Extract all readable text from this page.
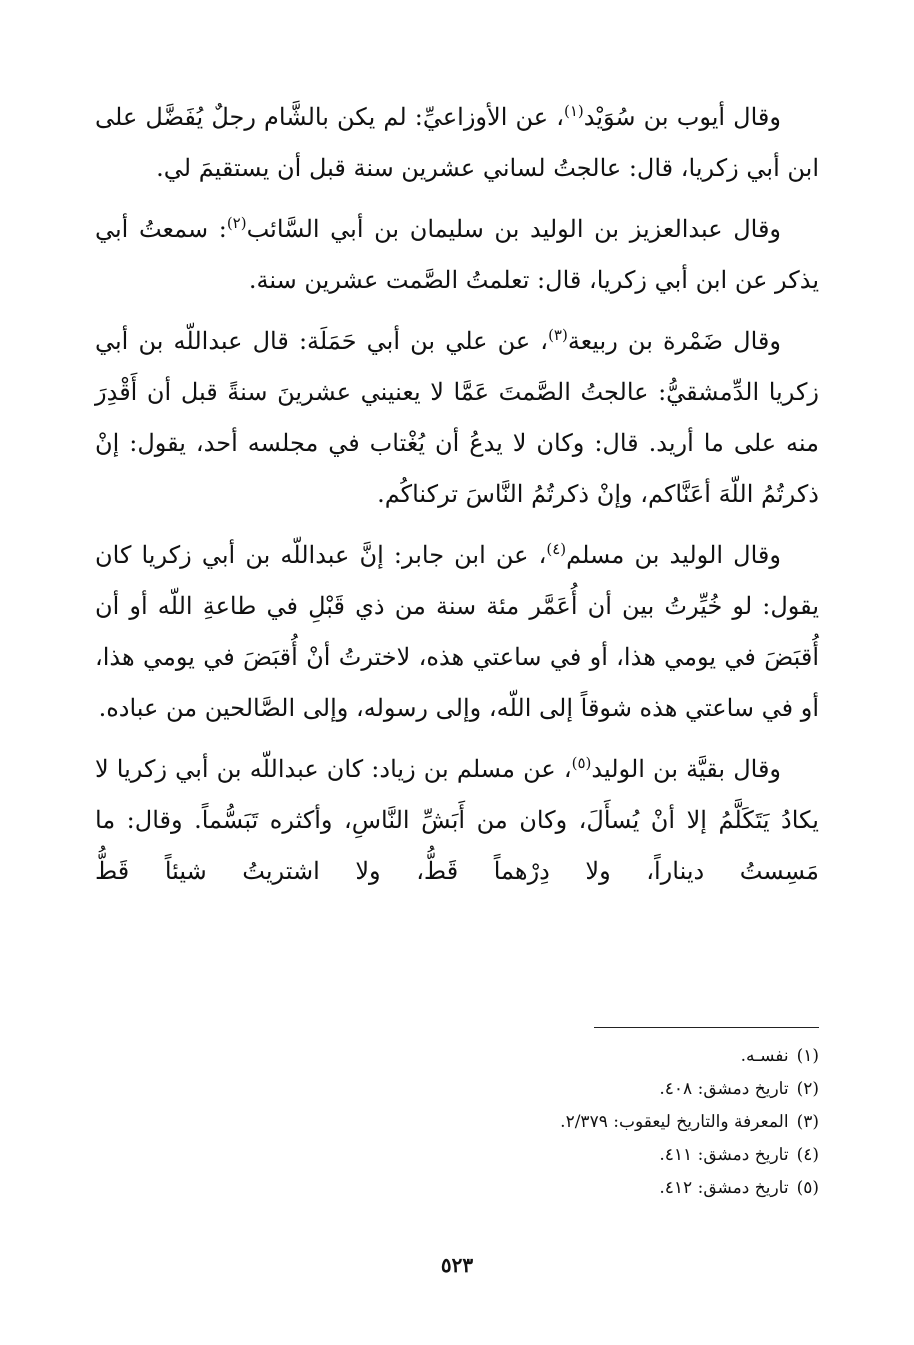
وقال أيوب بن سُوَيْد$^{(١)}$، عن الأوزاعيِّ: لم يكن بالشَّام رجلٌ يُفَضَّل على ابن أبي زكريا، قال: عالجتُ لساني عشرين سنة قبل أن يستقيمَ لي.

وقال عبدالعزيز بن الوليد بن سليمان بن أبي السَّائب$^{(٢)}$: سمعتُ أبي يذكر عن ابن أبي زكريا، قال: تعلمتُ الصَّمت عشرين سنة.

وقال ضَمْرة بن ربيعة$^{(٣)}$، عن علي بن أبي حَمَلَة: قال عبداللّه بن أبي زكريا الدِّمشقيُّ: عالجتُ الصَّمتَ عَمَّا لا يعنيني عشرينَ سنةً قبل أن أَقْدِرَ منه على ما أريد. قال: وكان لا يدعُ أن يُغْتاب في مجلسه أحد، يقول: إنْ ذكرتُمُ اللّهَ أعَنَّاكم، وإنْ ذكرتُمُ النَّاسَ تركناكُم.

وقال الوليد بن مسلم$^{(٤)}$، عن ابن جابر: إنَّ عبداللّه بن أبي زكريا كان يقول: لو خُيِّرتُ بين أن أُعَمَّر مئة سنة من ذي قَبْلِ في طاعةِ اللّه أو أن أُقبَضَ في يومي هذا، أو في ساعتي هذه، لاخترتُ أنْ أُقبَضَ في يومي هذا، أو في ساعتي هذه شوقاً إلى اللّه، وإلى رسوله، وإلى الصَّالحين من عباده.

وقال بقيَّة بن الوليد$^{(٥)}$، عن مسلم بن زياد: كان عبداللّه بن أبي زكريا لا يكادُ يَتَكَلَّمُ إلا أنْ يُسأَلَ، وكان من أَبَشِّ النَّاسِ، وأكثره تَبَسُّماً. وقال: ما مَسِستُ ديناراً، ولا دِرْهماً قَطُّ، ولا اشتريتُ شيئاً قَطُّ

(١)نفسـه.
(٢)تاريخ دمشق: ٤٠٨.
(٣)المعرفة والتاريخ ليعقوب: ٢/٣٧٩.
(٤)تاريخ دمشق: ٤١١.
(٥)تاريخ دمشق: ٤١٢.
٥٢٣
